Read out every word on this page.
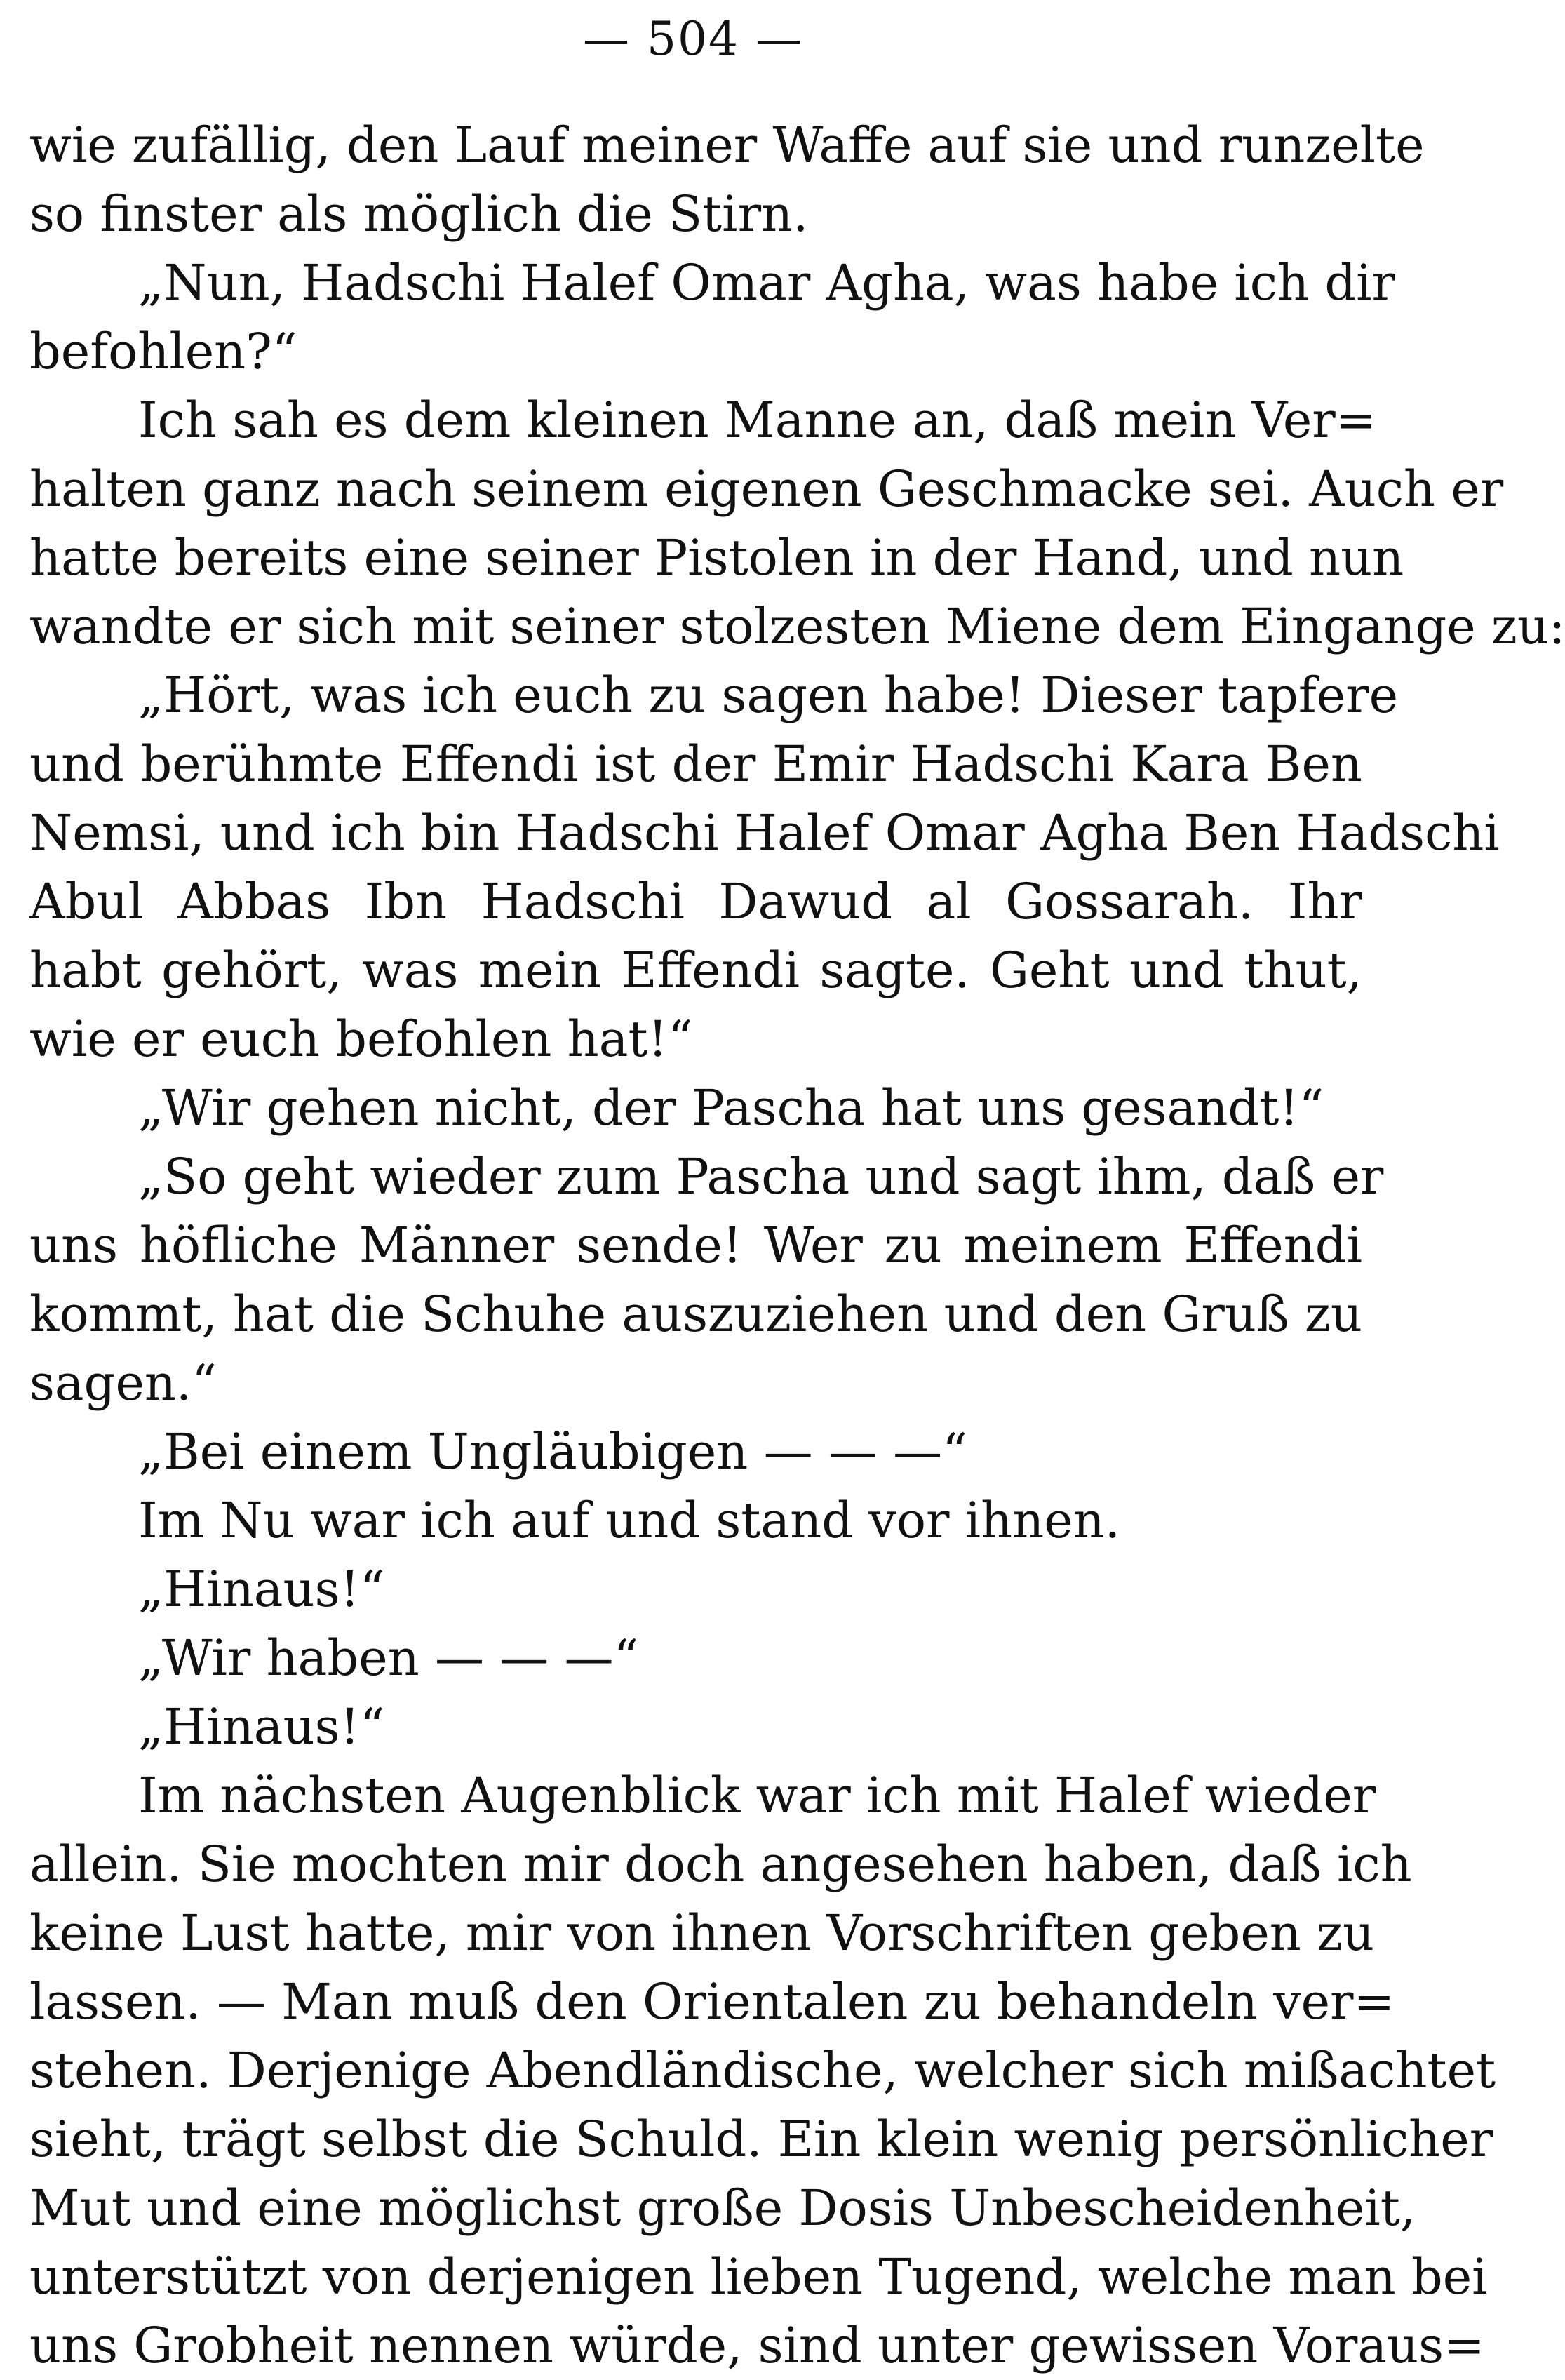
— 504 —
wie zufällig, den Lauf meiner Waffe auf sie und runzelte
so finster als möglich die Stirn.
„Nun, Hadschi Halef Omar Agha, was habe ich dir
befohlen?“
Ich sah es dem kleinen Manne an, daß mein Ver=
halten ganz nach seinem eigenen Geschmacke sei. Auch er
hatte bereits eine seiner Pistolen in der Hand, und nun
wandte er sich mit seiner stolzesten Miene dem Eingange zu:
„Hört, was ich euch zu sagen habe! Dieser tapfere
und berühmte Effendi ist der Emir Hadschi Kara Ben
Nemsi, und ich bin Hadschi Halef Omar Agha Ben Hadschi
Abul Abbas Ibn Hadschi Dawud al Gossarah. Ihr
habt gehört, was mein Effendi sagte. Geht und thut,
wie er euch befohlen hat!“
„Wir gehen nicht, der Pascha hat uns gesandt!“
„So geht wieder zum Pascha und sagt ihm, daß er
uns höfliche Männer sende! Wer zu meinem Effendi
kommt, hat die Schuhe auszuziehen und den Gruß zu
sagen.“
„Bei einem Ungläubigen — — —“
Im Nu war ich auf und stand vor ihnen.
„Hinaus!“
„Wir haben — — —“
„Hinaus!“
Im nächsten Augenblick war ich mit Halef wieder
allein. Sie mochten mir doch angesehen haben, daß ich
keine Lust hatte, mir von ihnen Vorschriften geben zu
lassen. — Man muß den Orientalen zu behandeln ver=
stehen. Derjenige Abendländische, welcher sich mißachtet
sieht, trägt selbst die Schuld. Ein klein wenig persönlicher
Mut und eine möglichst große Dosis Unbescheidenheit,
unterstützt von derjenigen lieben Tugend, welche man bei
uns Grobheit nennen würde, sind unter gewissen Voraus=
